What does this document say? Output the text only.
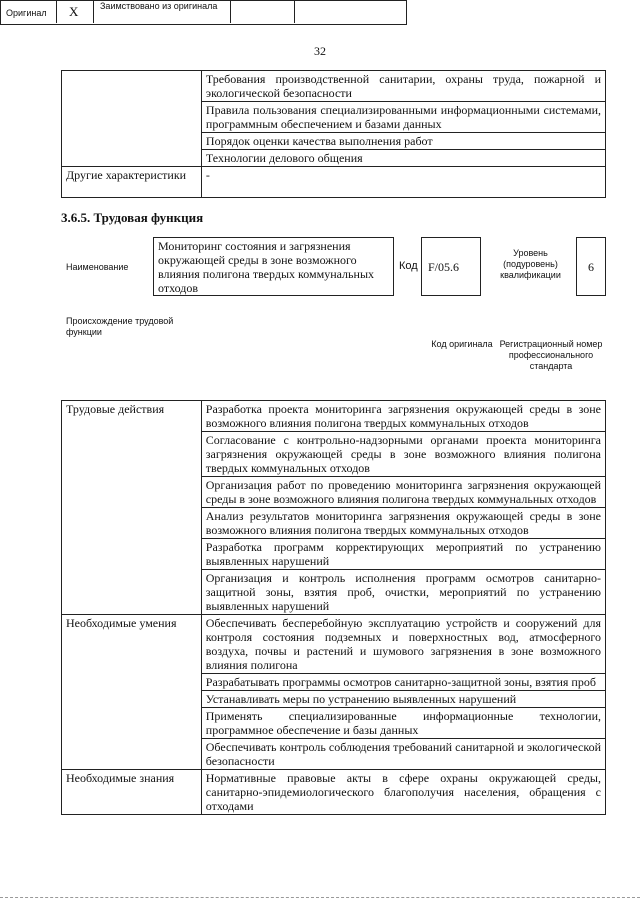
32
	Требования производственной санитарии, охраны труда, пожарной и экологической безопасности
	Правила пользования специализированными информационными системами, программным обеспечением и базами данных
	Порядок оценки качества выполнения работ
	Технологии делового общения
Другие характеристики	-
3.6.5. Трудовая функция
Наименование
Мониторинг состояния и загрязнения окружающей среды в зоне возможного влияния полигона твердых коммунальных отходов
Код F/05.6
Уровень (подуровень) квалификации
6
Происхождение трудовой функции
Оригинал X Заимствовано из оригинала
Код оригинала Регистрационный номер профессионального стандарта
Трудовые действия	Разработка проекта мониторинга загрязнения окружающей среды в зоне возможного влияния полигона твердых коммунальных отходов
	Согласование с контрольно-надзорными органами проекта мониторинга загрязнения окружающей среды в зоне возможного влияния полигона твердых коммунальных отходов
	Организация работ по проведению мониторинга загрязнения окружающей среды в зоне возможного влияния полигона твердых коммунальных отходов
	Анализ результатов мониторинга загрязнения окружающей среды в зоне возможного влияния полигона твердых коммунальных отходов
	Разработка программ корректирующих мероприятий по устранению выявленных нарушений
	Организация и контроль исполнения программ осмотров санитарно-защитной зоны, взятия проб, очистки, мероприятий по устранению выявленных нарушений
Необходимые умения	Обеспечивать бесперебойную эксплуатацию устройств и сооружений для контроля состояния подземных и поверхностных вод, атмосферного воздуха, почвы и растений и шумового загрязнения в зоне возможного влияния полигона
	Разрабатывать программы осмотров санитарно-защитной зоны, взятия проб
	Устанавливать меры по устранению выявленных нарушений
	Применять специализированные информационные технологии, программное обеспечение и базы данных
	Обеспечивать контроль соблюдения требований санитарной и экологической безопасности
Необходимые знания	Нормативные правовые акты в сфере охраны окружающей среды, санитарно-эпидемиологического благополучия населения, обращения с отходами
